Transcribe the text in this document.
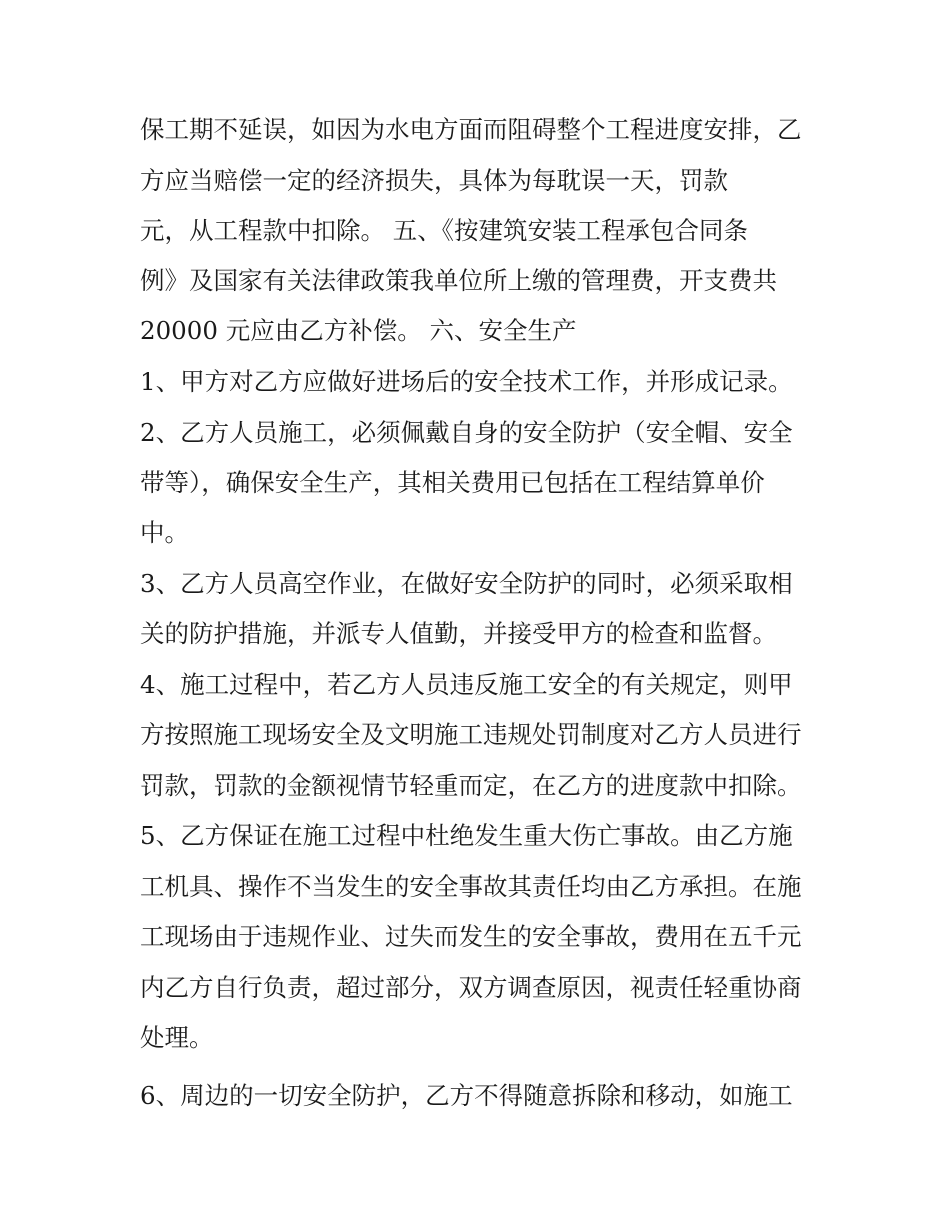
保工期不延误，如因为水电方面而阻碍整个工程进度安排，乙
方应当赔偿一定的经济损失，具体为每耽误一天，罚款
元，从工程款中扣除。 五、《按建筑安装工程承包合同条
例》及国家有关法律政策我单位所上缴的管理费，开支费共
20000 元应由乙方补偿。 六、安全生产
1、甲方对乙方应做好进场后的安全技术工作，并形成记录。
2、乙方人员施工，必须佩戴自身的安全防护（安全帽、安全
带等），确保安全生产，其相关费用已包括在工程结算单价
中。
3、乙方人员高空作业，在做好安全防护的同时，必须采取相
关的防护措施，并派专人值勤，并接受甲方的检查和监督。
4、施工过程中，若乙方人员违反施工安全的有关规定，则甲
方按照施工现场安全及文明施工违规处罚制度对乙方人员进行
罚款，罚款的金额视情节轻重而定，在乙方的进度款中扣除。
5、乙方保证在施工过程中杜绝发生重大伤亡事故。由乙方施
工机具、操作不当发生的安全事故其责任均由乙方承担。在施
工现场由于违规作业、过失而发生的安全事故，费用在五千元
内乙方自行负责，超过部分，双方调查原因，视责任轻重协商
处理。
6、周边的一切安全防护，乙方不得随意拆除和移动，如施工
